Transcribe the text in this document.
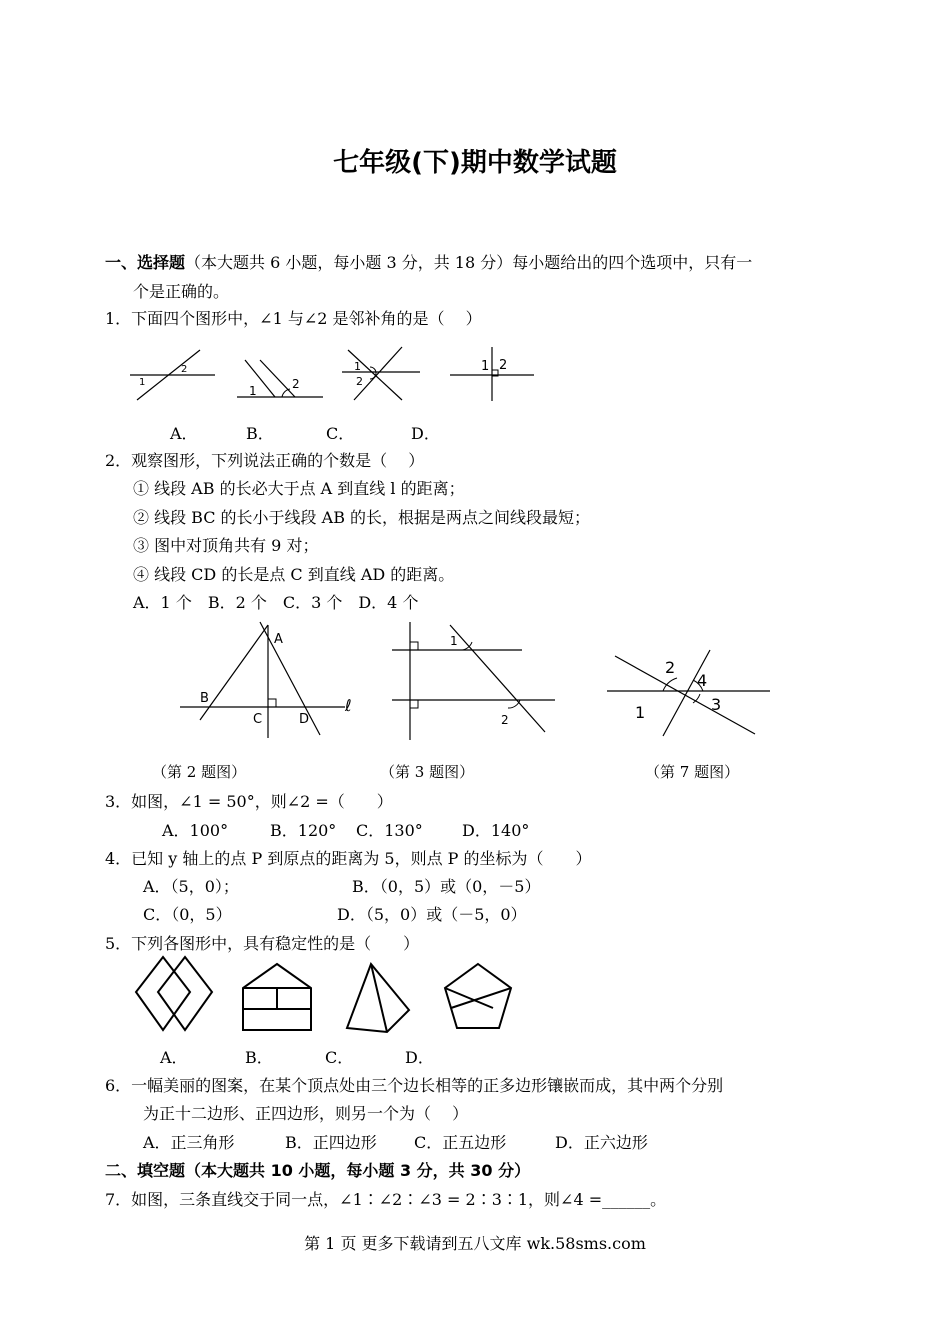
七年级(下)期中数学试题
一、选择题（本大题共 6 小题，每小题 3 分，共 18 分）每小题给出的四个选项中，只有一
个是正确的。
1．下面四个图形中，∠1 与∠2 是邻补角的是（　 ）
1
2
1	2
1
2
1 2
A．	B．	C．	D．
2．观察图形，下列说法正确的个数是（　 ）
① 线段 AB 的长必大于点 A 到直线 l 的距离；
② 线段 BC 的长小于线段 AB 的长，根据是两点之间线段最短；
③ 图中对顶角共有 9 对；
④ 线段 CD 的长是点 C 到直线 AD 的距离。
A．1 个　B．2 个　C．3 个　D．4 个
A
B
C	D
ℓ
1
2
2
4
1	3
（第 2 题图）	（第 3 题图）	（第 7 题图）
3．如图，∠1 = 50°，则∠2 =（　　）
A．100°	B．120° C．130° D．140°
4．已知 y 轴上的点 P 到原点的距离为 5，则点 P 的坐标为（　　）
A．（5，0）；	B．（0，5）或（0，－5）
C．（0，5）	D．（5，0）或（－5，0）
5．下列各图形中，具有稳定性的是（　　）
A．	B．	C．	D．
6．一幅美丽的图案，在某个顶点处由三个边长相等的正多边形镶嵌而成，其中两个分别
为正十二边形、正四边形，则另一个为（　 ）
A．正三角形	B．正四边形 C．正五边形	D．正六边形
二、填空题（本大题共 10 小题，每小题 3 分，共 30 分）
7．如图，三条直线交于同一点，∠1∶∠2∶∠3 = 2∶3∶1，则∠4 =______。
第 1 页 更多下载请到五八文库 wk.58sms.com
